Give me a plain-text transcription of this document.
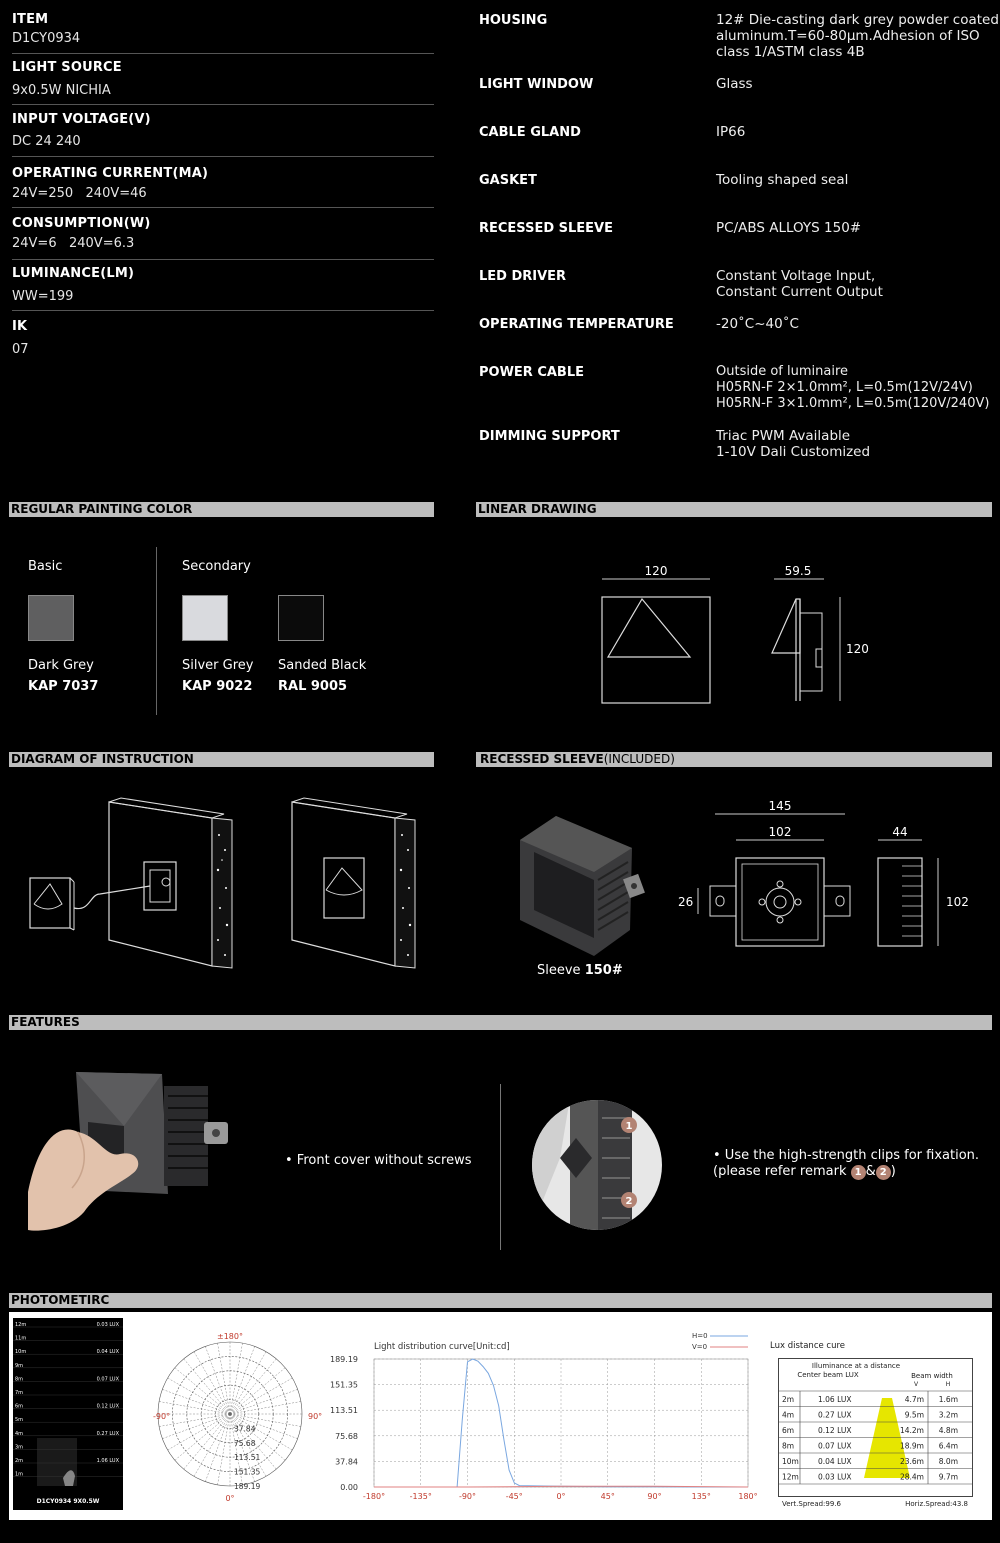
ITEM
D1CY0934
LIGHT SOURCE
9x0.5W NICHIA
INPUT VOLTAGE(V)
DC 24 240
OPERATING CURRENT(MA)
24V=250   240V=46
CONSUMPTION(W)
24V=6   240V=6.3
LUMINANCE(LM)
WW=199
IK
07
HOUSING	12# Die-casting dark grey powder coated
aluminum.T=60-80μm.Adhesion of ISO
class 1/ASTM class 4B
LIGHT WINDOW	Glass
CABLE GLAND	IP66
GASKET	Tooling shaped seal
RECESSED SLEEVE	PC/ABS ALLOYS 150#
LED DRIVER	Constant Voltage Input,
Constant Current Output
OPERATING TEMPERATURE	-20˚C~40˚C
POWER CABLE	Outside of luminaire
H05RN-F 2×1.0mm², L=0.5m(12V/24V)
H05RN-F 3×1.0mm², L=0.5m(120V/240V)
DIMMING SUPPORT	Triac PWM Available
1-10V Dali Customized
REGULAR PAINTING COLOR	LINEAR DRAWING
DIAGRAM OF INSTRUCTION	RECESSED SLEEVE(INCLUDED)
FEATURES
PHOTOMETIRC
Basic	Secondary
Dark Grey
KAP 7037
Silver Grey
KAP 9022
Sanded Black
RAL 9005
120	59.5
120
Sleeve 150#
145
102
26
44
102
• Front cover without screws
1
2
• Use the high-strength clips for fixation.
(please refer remark 1 & 2 )
12m	0.03 LUX
11m
10m	0.04 LUX
9m
8m	0.07 LUX
7m
6m	0.12 LUX
5m
4m	0.27 LUX
3m
2m	1.06 LUX
1m
D1CY0934 9X0.5W
37.84
75.68
113.51
151.35
189.19
±180°
-90°	90°
0°
Light distribution curve[Unit:cd]
H=0
V=0
189.19
151.35
113.51
75.68
37.84
0.00
-180°	-135°	-90°	-45°	0°	45°	90°	135°	180°
Lux distance cure
Illuminance at a distance
Center beam LUX	Beam width
V	H
2m	1.06 LUX	4.7m 1.6m
4m	0.27 LUX	9.5m 3.2m
6m	0.12 LUX	14.2m 4.8m
8m	0.07 LUX	18.9m 6.4m
10m	0.04 LUX	23.6m 8.0m
12m	0.03 LUX	28.4m 9.7m
Vert.Spread:99.6	Horiz.Spread:43.8
